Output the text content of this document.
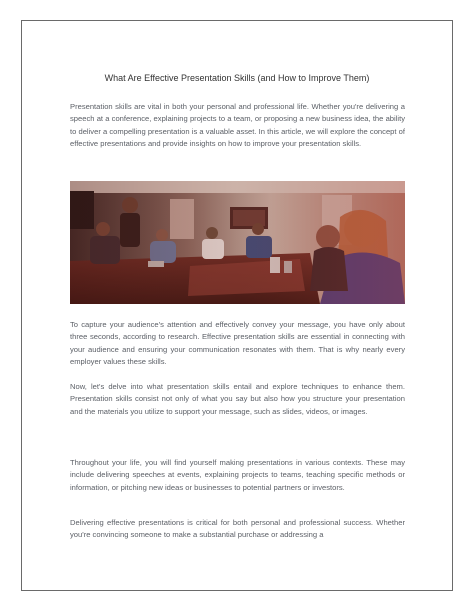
What Are Effective Presentation Skills (and How to Improve Them)

Presentation skills are vital in both your personal and professional life. Whether you're delivering a speech at a conference, explaining projects to a team, or proposing a new business idea, the ability to deliver a compelling presentation is a valuable asset. In this article, we will explore the concept of effective presentations and provide insights on how to improve your presentation skills.

To capture your audience's attention and effectively convey your message, you have only about three seconds, according to research. Effective presentation skills are essential in connecting with your audience and ensuring your communication resonates with them. That is why nearly every employer values these skills.

Now, let's delve into what presentation skills entail and explore techniques to enhance them. Presentation skills consist not only of what you say but also how you structure your presentation and the materials you utilize to support your message, such as slides, videos, or images.

Throughout your life, you will find yourself making presentations in various contexts. These may include delivering speeches at events, explaining projects to teams, teaching specific methods or information, or pitching new ideas or businesses to potential partners or investors.

Delivering effective presentations is critical for both personal and professional success. Whether you're convincing someone to make a substantial purchase or addressing a
